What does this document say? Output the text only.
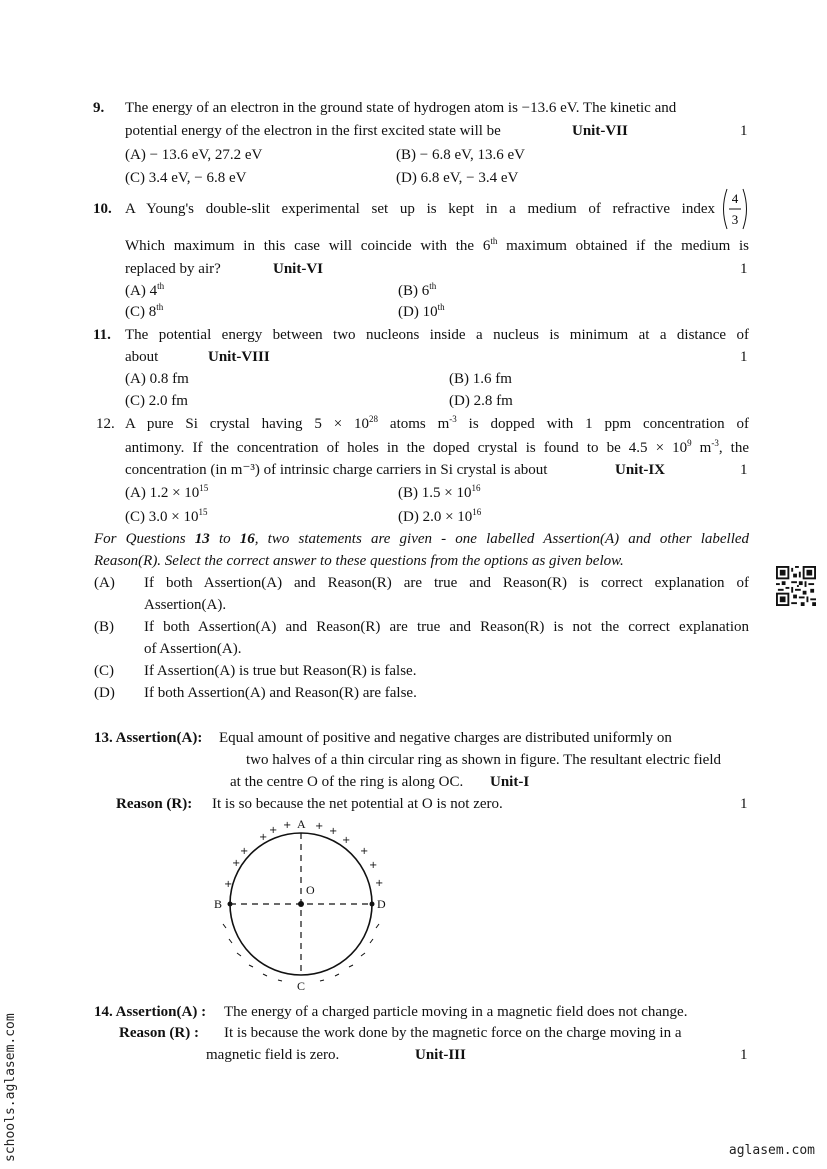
9. The energy of an electron in the ground state of hydrogen atom is −13.6 eV. The kinetic and
potential energy of the electron in the first excited state will be	Unit-VII	1
(A) − 13.6 eV, 27.2 eV	(B) − 6.8 eV, 13.6 eV
(C) 3.4 eV, − 6.8 eV	(D) 6.8 eV, − 3.4 eV
10. A Young's double-slit experimental set up is kept in a medium of refractive index
4
3
Which maximum in this case will coincide with the 6th maximum obtained if the medium is
replaced by air?	Unit-VI	1
(A) 4th	(B) 6th
(C) 8th	(D) 10th
11. The potential energy between two nucleons inside a nucleus is minimum at a distance of
about	Unit-VIII	1
(A) 0.8 fm	(B) 1.6 fm
(C) 2.0 fm	(D) 2.8 fm
12. A pure Si crystal having $5 \times 10^{28}$ atoms $m^{-3}$ is dopped with 1 ppm concentration of
antimony. If the concentration of holes in the doped crystal is found to be $4.5 \times 10^9$ $m^{-3}$, the
concentration (in m⁻³) of intrinsic charge carriers in Si crystal is about	Unit-IX	1
(A) $1.2 \times 10^{15}$	(B) $1.5 \times 10^{16}$
(C) $3.0 \times 10^{15}$	(D) $2.0 \times 10^{16}$
For Questions 13 to 16, two statements are given - one labelled Assertion(A) and other labelled
Reason(R). Select the correct answer to these questions from the options as given below.
(A) If both Assertion(A) and Reason(R) are true and Reason(R) is correct explanation of
Assertion(A).
(B) If both Assertion(A) and Reason(R) are true and Reason(R) is not the correct explanation
of Assertion(A).
(C) If Assertion(A) is true but Reason(R) is false.
(D) If both Assertion(A) and Reason(R) are false.
13. Assertion(A): Equal amount of positive and negative charges are distributed uniformly on
two halves of a thin circular ring as shown in figure. The resultant electric field
at the centre O of the ring is along OC. Unit-I
Reason (R): It is so because the net potential at O is not zero.	1
A
B
C
D
O
+
+ + + +
+
+
+
+
+
+
+
14. Assertion(A) : The energy of a charged particle moving in a magnetic field does not change.
Reason (R) : It is because the work done by the magnetic force on the charge moving in a
magnetic field is zero.	Unit-III	1
schools.aglasem.com	aglasem.com
